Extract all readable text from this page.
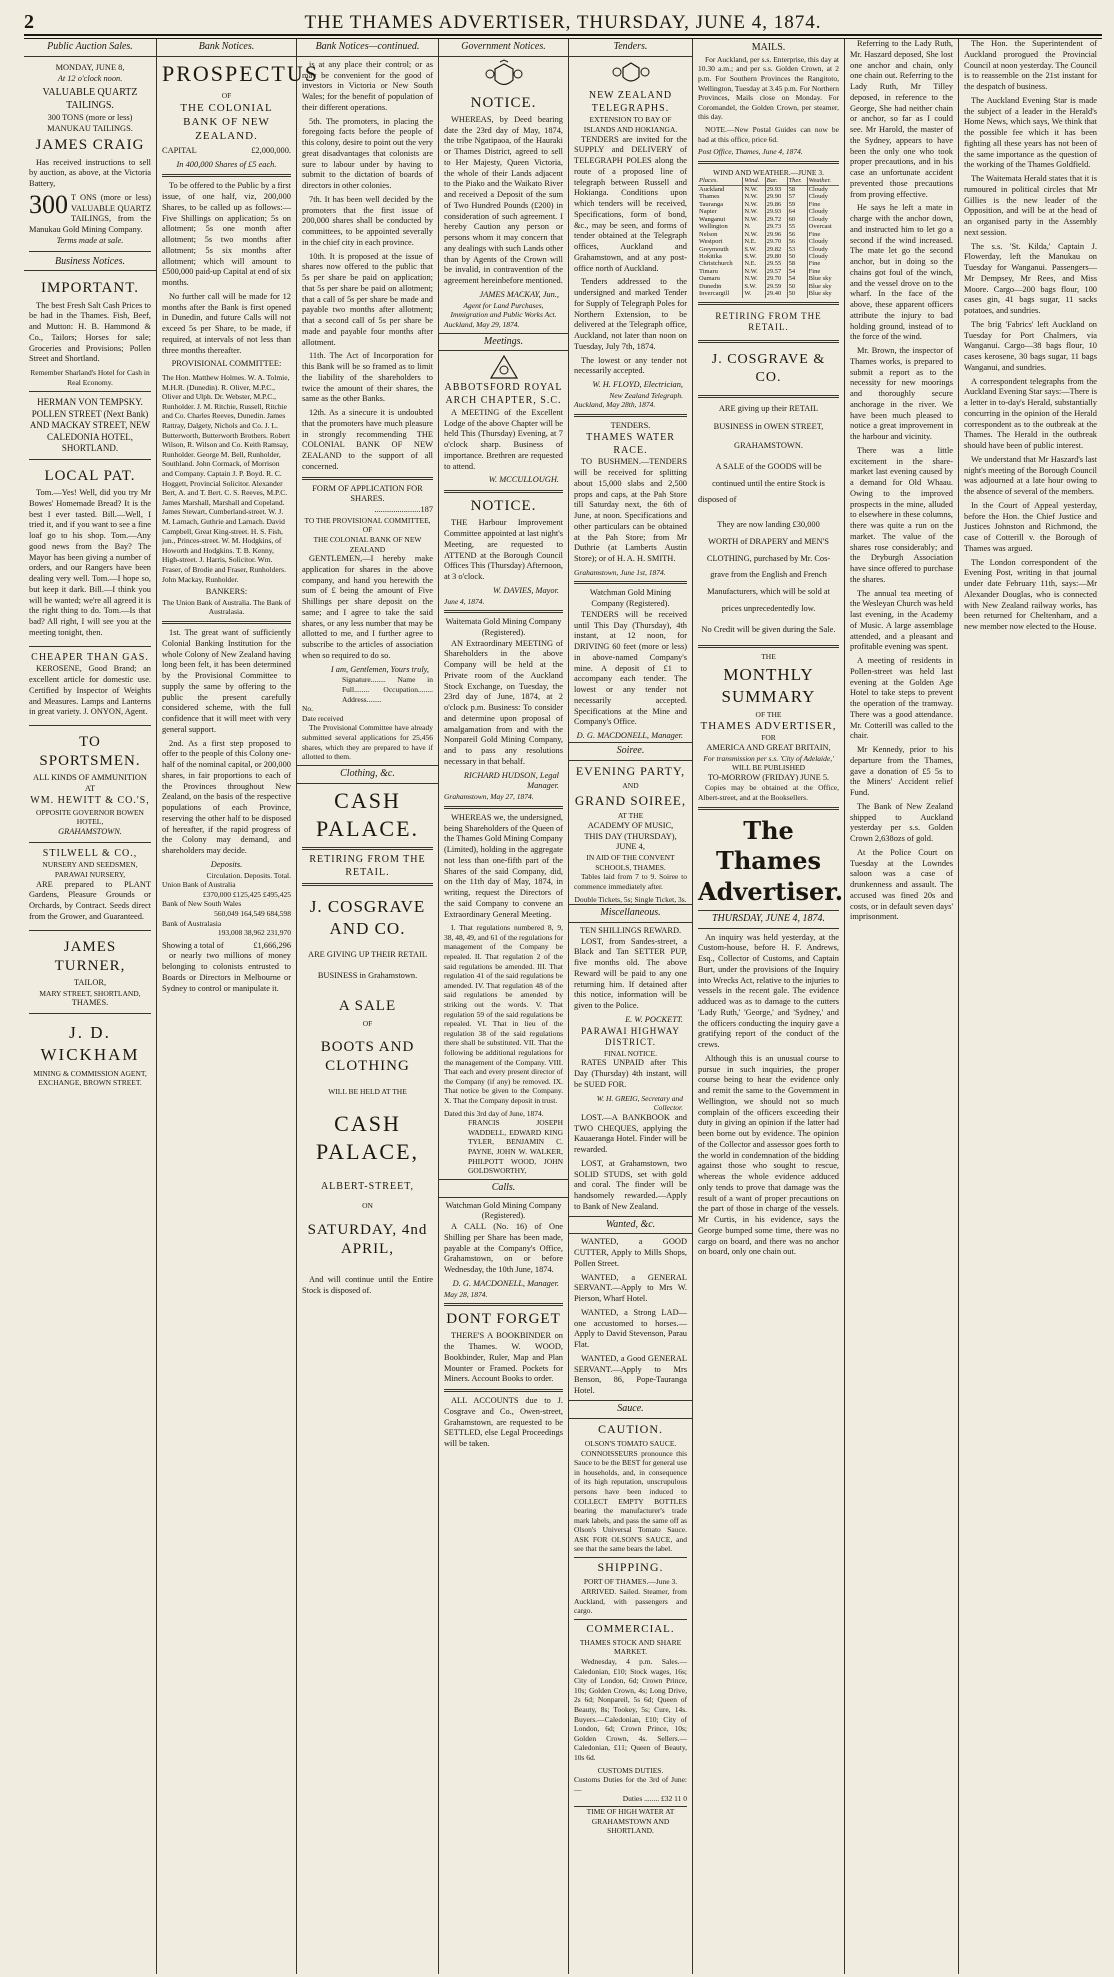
2	THE THAMES ADVERTISER, THURSDAY, JUNE 4, 1874.
Public Auction Sales.
MONDAY, JUNE 8,
At 12 o'clock noon.
VALUABLE QUARTZ TAILINGS.
300 TONS (more or less) MANUKAU TAILINGS.
JAMES CRAIG

Has received instructions to sell by auction, as above, at the Victoria Battery,

300 T ONS (more or less) VALUABLE QUARTZ TAILINGS, from the Manukau Gold Mining Company.
Terms made at sale.
Business Notices.
IMPORTANT.

The best Fresh Salt Cash Prices to be had in the Thames. Fish, Beef, and Mutton: H. B. Hammond & Co., Tailors; Horses for sale; Groceries and Provisions; Pollen Street and Shortland.

Remember Sharland's Hotel for Cash in Real Economy.
HERMAN VON TEMPSKY. POLLEN STREET (Next Bank) AND MACKAY STREET, NEW CALEDONIA HOTEL, SHORTLAND.
LOCAL PAT.

Tom.—Yes! Well, did you try Mr Bowes' Homemade Bread? It is the best I ever tasted. Bill.—Well, I tried it, and if you want to see a fine loaf go to his shop. Tom.—Any good news from the Bay? The Mayor has been giving a number of orders, and our Rangers have been dealing very well. Tom.—I hope so, but keep it dark. Bill.—I think you will be wanted; we're all agreed it is the right thing to do. Tom.—Is that bad? All right, I will see you at the meeting tonight, then.

CHEAPER THAN GAS.

KEROSENE, Good Brand; an excellent article for domestic use. Certified by Inspector of Weights and Measures. Lamps and Lanterns in great variety. J. ONYON, Agent.

TO SPORTSMEN.
ALL KINDS OF AMMUNITION AT
WM. HEWITT & CO.'S,
OPPOSITE GOVERNOR BOWEN HOTEL,
GRAHAMSTOWN.
STILWELL & CO.,
NURSERY AND SEEDSMEN, PARAWAI NURSERY,

ARE prepared to PLANT Gardens, Pleasure Grounds or Orchards, by Contract. Seeds direct from the Grower, and Guaranteed.

JAMES TURNER,
TAILOR,
MARY STREET, SHORTLAND,
THAMES.
J. D. WICKHAM
MINING & COMMISSION AGENT,
EXCHANGE, BROWN STREET.
Bank Notices.
PROSPECTUS
OF
THE COLONIAL BANK OF NEW ZEALAND.
CAPITAL	£2,000,000.
In 400,000 Shares of £5 each.

To be offered to the Public by a first issue, of one half, viz, 200,000 Shares, to be called up as follows:—Five Shillings on application; 5s on allotment; 5s one month after allotment; 5s two months after allotment; 5s six months after allotment; which will amount to £500,000 paid-up Capital at end of six months.

No further call will be made for 12 months after the Bank is first opened in Dunedin, and future Calls will not exceed 5s per Share, to be made, if required, at intervals of not less than three months thereafter.

PROVISIONAL COMMITTEE:

The Hon. Matthew Holmes. W. A. Tolmie, M.H.R. (Dunedin). R. Oliver, M.P.C., Oliver and Ulph. Dr. Webster, M.P.C., Runholder. J. M. Ritchie, Russell, Ritchie and Co. Charles Reeves, Dunedin. James Rattray, Dalgety, Nichols and Co. J. L. Butterworth, Butterworth Brothers. Robert Wilson, R. Wilson and Co. Keith Ramsay, Runholder. George M. Bell, Runholder, Southland. John Cormack, of Morrison and Company. Captain J. P. Boyd. R. C. Hoggett, Provincial Solicitor. Alexander Bert, A. and T. Bert. C. S. Reeves, M.P.C. James Marshall, Marshall and Copeland. James Stewart, Cumberland-street. W. J. M. Larnach, Guthrie and Larnach. David Campbell, Great King-street. H. S. Fish, jun., Princes-street. W. M. Hodgkins, of Howorth and Hodgkins. T. B. Kenny, High-street. J. Harris, Solicitor. Wm. Fraser, of Brodie and Fraser, Runholders. John Mackay, Runholder.

BANKERS:
The Union Bank of Australia. The Bank of Australasia.

1st. The great want of sufficiently Colonial Banking Institution for the whole Colony of New Zealand having long been felt, it has been determined by the Provisional Committee to supply the same by offering to the public the present carefully considered scheme, with the full confidence that it will meet with very general support.

2nd. As a first step proposed to offer to the people of this Colony one-half of the nominal capital, or 200,000 shares, in fair proportions to each of the Provinces throughout New Zealand, on the basis of the respective populations of each Province, reserving the other half to be disposed of hereafter, if the rapid progress of the Colony may demand, and shareholders may decide.

Deposits.
Circulation. Deposits. Total.
Union Bank of Australia
£370,000 £125,425 £495,425
Bank of New South Wales
560,049 164,549 684,598
Bank of Australasia
193,008 38,962 231,970
Showing a total of	£1,666,296

or nearly two millions of money belonging to colonists entrusted to Boards or Directors in Melbourne or Sydney to control or manipulate it.

Bank Notices—continued.

is at any place their control; or as may be convenient for the good of investors in Victoria or New South Wales; for the benefit of population of their different operations.

5th. The promoters, in placing the foregoing facts before the people of this colony, desire to point out the very great disadvantages that colonists are sure to labour under by having to submit to the dictation of boards of directors in other colonies.

7th. It has been well decided by the promoters that the first issue of 200,000 shares shall be conducted by committees, to be appointed severally in the chief city in each province.

10th. It is proposed at the issue of shares now offered to the public that 5s per share be paid on application; that 5s per share be paid on allotment; that a call of 5s per share be made and payable two months after allotment; that a second call of 5s per share be made and payable four months after allotment.

11th. The Act of Incorporation for this Bank will be so framed as to limit the liability of the shareholders to twice the amount of their shares, the same as the other Banks.

12th. As a sinecure it is undoubted that the promoters have much pleasure in strongly recommending THE COLONIAL BANK OF NEW ZEALAND to the support of all concerned.

FORM OF APPLICATION FOR SHARES.
......................187
TO THE PROVISIONAL COMMITTEE,
OF
THE COLONIAL BANK OF NEW ZEALAND

GENTLEMEN,—I hereby make application for shares in the above company, and hand you herewith the sum of £ being the amount of Five Shillings per share deposit on the same; and I agree to take the said shares, or any less number that may be allotted to me, and I further agree to subscribe to the articles of association when so required to do so.

I am, Gentlemen, Yours truly,
Signature........ Name in Full........ Occupation........ Address........
No.
Date received

The Provisional Committee have already submitted several applications for 25,456 shares, which they are prepared to have if allotted to them.

Clothing, &c.
CASH PALACE.
RETIRING FROM THE RETAIL.
J. COSGRAVE AND CO.
ARE GIVING UP THEIR RETAIL
BUSINESS in Grahamstown.
A SALE
OF
BOOTS AND CLOTHING
WILL BE HELD AT THE
CASH PALACE,
ALBERT-STREET,
ON
SATURDAY, 4nd APRIL,

And will continue until the Entire Stock is disposed of.

Government Notices.
NOTICE.

WHEREAS, by Deed bearing date the 23rd day of May, 1874, the tribe Ngatipaoa, of the Hauraki or Thames District, agreed to sell to Her Majesty, Queen Victoria, the whole of their Lands adjacent to the Piako and the Waikato River and received a Deposit of the sum of Two Hundred Pounds (£200) in consideration of such agreement. I hereby Caution any person or persons whom it may concern that any dealings with such Lands other than by Agents of the Crown will be invalid, in contravention of the agreement hereinbefore mentioned.

JAMES MACKAY, Jun.,
Agent for Land Purchases, Immigration and Public Works Act.
Auckland, May 29, 1874.
Meetings.
ABBOTSFORD ROYAL ARCH CHAPTER, S.C.

A MEETING of the Excellent Lodge of the above Chapter will be held This (Thursday) Evening, at 7 o'clock sharp. Business of importance. Brethren are requested to attend.

W. MCCULLOUGH.
NOTICE.

THE Harbour Improvement Committee appointed at last night's Meeting, are requested to ATTEND at the Borough Council Offices This (Thursday) Afternoon, at 3 o'clock.

W. DAVIES, Mayor.
June 4, 1874.
Waitemata Gold Mining Company (Registered).

AN Extraordinary MEETING of Shareholders in the above Company will be held at the Private room of the Auckland Stock Exchange, on Tuesday, the 23rd day of June, 1874, at 2 o'clock p.m. Business: To consider and determine upon proposal of amalgamation from and with the Nonpareil Gold Mining Company, and to pass any resolutions necessary in that behalf.

RICHARD HUDSON, Legal Manager.
Grahamstown, May 27, 1874.

WHEREAS we, the undersigned, being Shareholders of the Queen of the Thames Gold Mining Company (Limited), holding in the aggregate not less than one-fifth part of the Shares of the said Company, did, on the 11th day of May, 1874, in writing, request the Directors of the said Company to convene an Extraordinary General Meeting.

I. That regulations numbered 8, 9, 38, 48, 49, and 61 of the regulations for management of the Company be repealed. II. That regulation 2 of the said regulations be amended. III. That regulation 41 of the said regulations be amended. IV. That regulation 48 of the said regulations be amended by striking out the words. V. That regulation 59 of the said regulations be repealed. VI. That in lieu of the regulation 38 of the said regulations there shall be substituted. VII. That the following be additional regulations for the management of the Company. VIII. That each and every present director of the Company (if any) be removed. IX. That notice be given to the Company. X. That the Company deposit in trust.

Dated this 3rd day of June, 1874.
FRANCIS JOSEPH WADDELL, EDWARD KING TYLER, BENJAMIN C. PAYNE, JOHN W. WALKER, PHILPOTT WOOD, JOHN GOLDSWORTHY,
Calls.
Watchman Gold Mining Company (Registered).

A CALL (No. 16) of One Shilling per Share has been made, payable at the Company's Office, Grahamstown, on or before Wednesday, the 10th June, 1874.

D. G. MACDONELL, Manager.
May 28, 1874.
DONT FORGET

THERE'S A BOOKBINDER on the Thames. W. WOOD, Bookbinder, Ruler, Map and Plan Mounter or Framed. Pockets for Miners. Account Books to order.

ALL ACCOUNTS due to J. Cosgrave and Co., Owen-street, Grahamstown, are requested to be SETTLED, else Legal Proceedings will be taken.

Tenders.
NEW ZEALAND TELEGRAPHS.
EXTENSION TO BAY OF ISLANDS AND HOKIANGA.

TENDERS are invited for the SUPPLY and DELIVERY of TELEGRAPH POLES along the route of a proposed line of telegraph between Russell and Hokianga. Conditions upon which tenders will be received, Specifications, form of bond, &c., may be seen, and forms of tender obtained at the Telegraph offices, Auckland and Grahamstown, and at any post-office north of Auckland.

Tenders addressed to the undersigned and marked Tender for Supply of Telegraph Poles for Northern Extension, to be delivered at the Telegraph office, Auckland, not later than noon on Tuesday, July 7th, 1874.

The lowest or any tender not necessarily accepted.

W. H. FLOYD, Electrician,
New Zealand Telegraph.
Auckland, May 28th, 1874.
TENDERS.
THAMES WATER RACE.

TO BUSHMEN.—TENDERS will be received for splitting about 15,000 slabs and 2,500 props and caps, at the Pah Store till Saturday next, the 6th of June, at noon. Specifications and other particulars can be obtained at the Pah Store; from Mr Duthrie (at Lamberts Austin Store); or of H. A. H. SMITH.

Grahamstown, June 1st, 1874.
Watchman Gold Mining Company (Registered).

TENDERS will be received until This Day (Thursday), 4th instant, at 12 noon, for DRIVING 60 feet (more or less) in above-named Company's mine. A deposit of £1 to accompany each tender. The lowest or any tender not necessarily accepted. Specifications at the Mine and Company's Office.

D. G. MACDONELL, Manager.
Soiree.
EVENING PARTY,
AND
GRAND SOIREE,
AT THE
ACADEMY OF MUSIC,
THIS DAY (THURSDAY), JUNE 4,
IN AID OF THE CONVENT SCHOOLS, THAMES.

Tables laid from 7 to 9. Soiree to commence immediately after.

Double Tickets, 5s; Single Ticket, 3s.
Miscellaneous.
TEN SHILLINGS REWARD.

LOST, from Sandes-street, a Black and Tan SETTER PUP, five months old. The above Reward will be paid to any one returning him. If detained after this notice, information will be given to the Police.

E. W. POCKETT.
PARAWAI HIGHWAY DISTRICT.
FINAL NOTICE.

RATES UNPAID after This Day (Thursday) 4th instant, will be SUED FOR.

W. H. GREIG, Secretary and Collector.

LOST.—A BANKBOOK and TWO CHEQUES, applying the Kauaeranga Hotel. Finder will be rewarded.

LOST, at Grahamstown, two SOLID STUDS, set with gold and coral. The finder will be handsomely rewarded.—Apply to Bank of New Zealand.

Wanted, &c.

WANTED, a GOOD CUTTER, Apply to Mills Shops, Pollen Street.

WANTED, a GENERAL SERVANT.—Apply to Mrs W. Pierson, Wharf Hotel.

WANTED, a Strong LAD—one accustomed to horses.—Apply to David Stevenson, Parau Flat.

WANTED, a Good GENERAL SERVANT.—Apply to Mrs Benson, 86, Pope-Tauranga Hotel.

Sauce.
CAUTION.
OLSON'S TOMATO SAUCE.

CONNOISSEURS pronounce this Sauce to be the BEST for general use in households, and, in consequence of its high reputation, unscrupulous persons have been induced to COLLECT EMPTY BOTTLES bearing the manufacturer's trade mark labels, and pass the same off as Olson's Universal Tomato Sauce. ASK FOR OLSON'S SAUCE, and see that the same bears the label.

SHIPPING.
PORT OF THAMES.—June 3.

ARRIVED. Sailed. Steamer, from Auckland, with passengers and cargo.

COMMERCIAL.
THAMES STOCK AND SHARE MARKET.

Wednesday, 4 p.m. Sales.—Caledonian, £10; Stock wages, 16s; City of London, 6d; Crown Prince, 10s; Golden Crown, 4s; Long Drive, 2s 6d; Nonpareil, 5s 6d; Queen of Beauty, 8s; Tookey, 5s; Cure, 14s. Buyers.—Caledonian, £10; City of London, 6d; Crown Prince, 10s; Golden Crown, 4s. Sellers.—Caledonian, £11; Queen of Beauty, 10s 6d.

CUSTOMS DUTIES.
Customs Duties for the 3rd of June:—
Duties ........ £32 11 0
TIME OF HIGH WATER AT GRAHAMSTOWN AND SHORTLAND.
MAILS.

For Auckland, per s.s. Enterprise, this day at 10.30 a.m.; and per s.s. Golden Crown, at 2 p.m. For Southern Provinces the Rangitoto, Wellington, Tuesday at 3.45 p.m. For Northern Provinces, Mails close on Monday. For Coromandel, the Golden Crown, per steamer, this day.

NOTE.—New Postal Guides can now be had at this office, price 6d.

Post Office, Thames, June 4, 1874.
WIND AND WEATHER.—JUNE 3.
Places.	Wind.	Bar.	Ther.	Weather.
Auckland	N.W.	29.93	58	Cloudy
Thames	N.W.	29.90	57	Cloudy
Tauranga	N.W.	29.86	59	Fine
Napier	N.W.	29.93	64	Cloudy
Wanganui	N.W.	29.72	60	Cloudy
Wellington	N.	29.73	55	Overcast
Nelson	N.W.	29.96	56	Fine
Westport	N.E.	29.70	56	Cloudy
Greymouth	S.W.	29.82	53	Cloudy
Hokitika	S.W.	29.80	50	Cloudy
Christchurch	N.E.	29.55	58	Fine
Timaru	N.W.	29.57	54	Fine
Oamaru	N.W.	29.70	54	Blue sky
Dunedin	S.W.	29.59	50	Blue sky
Invercargill	W.	29.40	50	Blue sky
RETIRING FROM THE RETAIL.
J. COSGRAVE & CO.
ARE giving up their RETAIL
BUSINESS in OWEN STREET,
GRAHAMSTOWN.
A SALE of the GOODS will be
continued until the entire Stock is
disposed of
They are now landing £30,000
WORTH of DRAPERY and MEN'S
CLOTHING, purchased by Mr. Cos-
grave from the English and French
Manufacturers, which will be sold at
prices unprecedentedly low.
No Credit will be given during the Sale.
THE
MONTHLY SUMMARY
OF THE
THAMES ADVERTISER,
FOR
AMERICA AND GREAT BRITAIN,
For transmission per s.s. 'City of Adelaide,'
WILL BE PUBLISHED
TO-MORROW (FRIDAY) JUNE 5.

Copies may be obtained at the Office, Albert-street, and at the Booksellers.

The Thames Advertiser.
THURSDAY, JUNE 4, 1874.

An inquiry was held yesterday, at the Custom-house, before H. F. Andrews, Esq., Collector of Customs, and Captain Burt, under the provisions of the Inquiry into Wrecks Act, relative to the injuries to vessels in the recent gale. The evidence adduced was as to damage to the cutters 'Lady Ruth,' 'George,' and 'Sydney,' and the officers conducting the inquiry gave a gratifying report of the conduct of the crews.

Although this is an unusual course to pursue in such inquiries, the proper course being to hear the evidence only and remit the same to the Government in Wellington, we should not so much complain of the officers exceeding their duty in giving an opinion if the latter had been borne out by evidence. The opinion of the Collector and assessor goes forth to the world in condemnation of the bidding against those who sought to rescue, whereas the whole evidence adduced only tends to prove that damage was the result of a want of proper precautions on the part of those in charge of the vessels. Mr Curtis, in his evidence, says the George bumped some time, there was no cargo on board, and there was no anchor on board, only one chain out.

Referring to the Lady Ruth, Mr. Haszard deposed, She lost one anchor and chain, only one chain out. Referring to the Lady Ruth, Mr Tilley deposed, in reference to the George, She had neither chain or anchor, so far as I could see. Mr Harold, the master of the Sydney, appears to have been the only one who took proper precautions, and in his case an unfortunate accident prevented those precautions from proving effective.

He says he left a mate in charge with the anchor down, and instructed him to let go a second if the wind increased. The mate let go the second anchor, but in doing so the chains got foul of the winch, and the vessel drove on to the wharf. In the face of the above, these apparent officers attribute the injury to bad holding ground, instead of to the force of the wind.

Mr. Brown, the inspector of Thames works, is prepared to submit a report as to the necessity for new moorings and thoroughly secure anchorage in the river. We have been much pleased to notice a great improvement in the harbour and vicinity.

There was a little excitement in the share-market last evening caused by a demand for Old Whaau. Owing to the improved prospects in the mine, alluded to elsewhere in these columns, there was quite a run on the market. The value of the shares rose considerably; and the Dryburgh Association have since offered to purchase the shares.

The annual tea meeting of the Wesleyan Church was held last evening, in the Academy of Music. A large assemblage attended, and a pleasant and profitable evening was spent.

A meeting of residents in Pollen-street was held last evening at the Golden Age Hotel to take steps to prevent the operation of the tramway. There was a good attendance. Mr. Cotterill was called to the chair.

Mr Kennedy, prior to his departure from the Thames, gave a donation of £5 5s to the Miners' Accident relief Fund.

The Bank of New Zealand shipped to Auckland yesterday per s.s. Golden Crown 2,638ozs of gold.

At the Police Court on Tuesday at the Lowndes saloon was a case of drunkenness and assault. The accused was fined 20s and costs, or in default seven days' imprisonment.

The Hon. the Superintendent of Auckland prorogued the Provincial Council at noon yesterday. The Council is to reassemble on the 21st instant for the despatch of business.

The Auckland Evening Star is made the subject of a leader in the Herald's Home News, which says, We think that the possible fee which it has been fighting all these years has not been of the same importance as the question of the working of the Thames Goldfield.

The Waitemata Herald states that it is rumoured in political circles that Mr Gillies is the new leader of the Opposition, and will be at the head of an organised party in the Assembly next session.

The s.s. 'St. Kilda,' Captain J. Flowerday, left the Manukau on Tuesday for Wanganui. Passengers—Mr Dempsey, Mr Rees, and Miss Moore. Cargo—200 bags flour, 100 cases gin, 41 bags sugar, 11 sacks potatoes, and sundries.

The brig 'Fabrics' left Auckland on Tuesday for Port Chalmers, via Wanganui. Cargo—38 bags flour, 10 cases kerosene, 30 bags sugar, 11 bags Wanganui, and sundries.

A correspondent telegraphs from the Auckland Evening Star says:—There is a letter in to-day's Herald, substantially concurring in the opinion of the Herald correspondent as to the outbreak at the Thames. The Herald in the outbreak should have been of public interest.

We understand that Mr Haszard's last night's meeting of the Borough Council was adjourned at a late hour owing to the absence of several of the members.

In the Court of Appeal yesterday, before the Hon. the Chief Justice and Justices Johnston and Richmond, the case of Cotterill v. the Borough of Thames was argued.

The London correspondent of the Evening Post, writing in that journal under date February 11th, says:—Mr Alexander Douglas, who is connected with New Zealand railway works, has been returned for Cheltenham, and a new member now elected to the House.
